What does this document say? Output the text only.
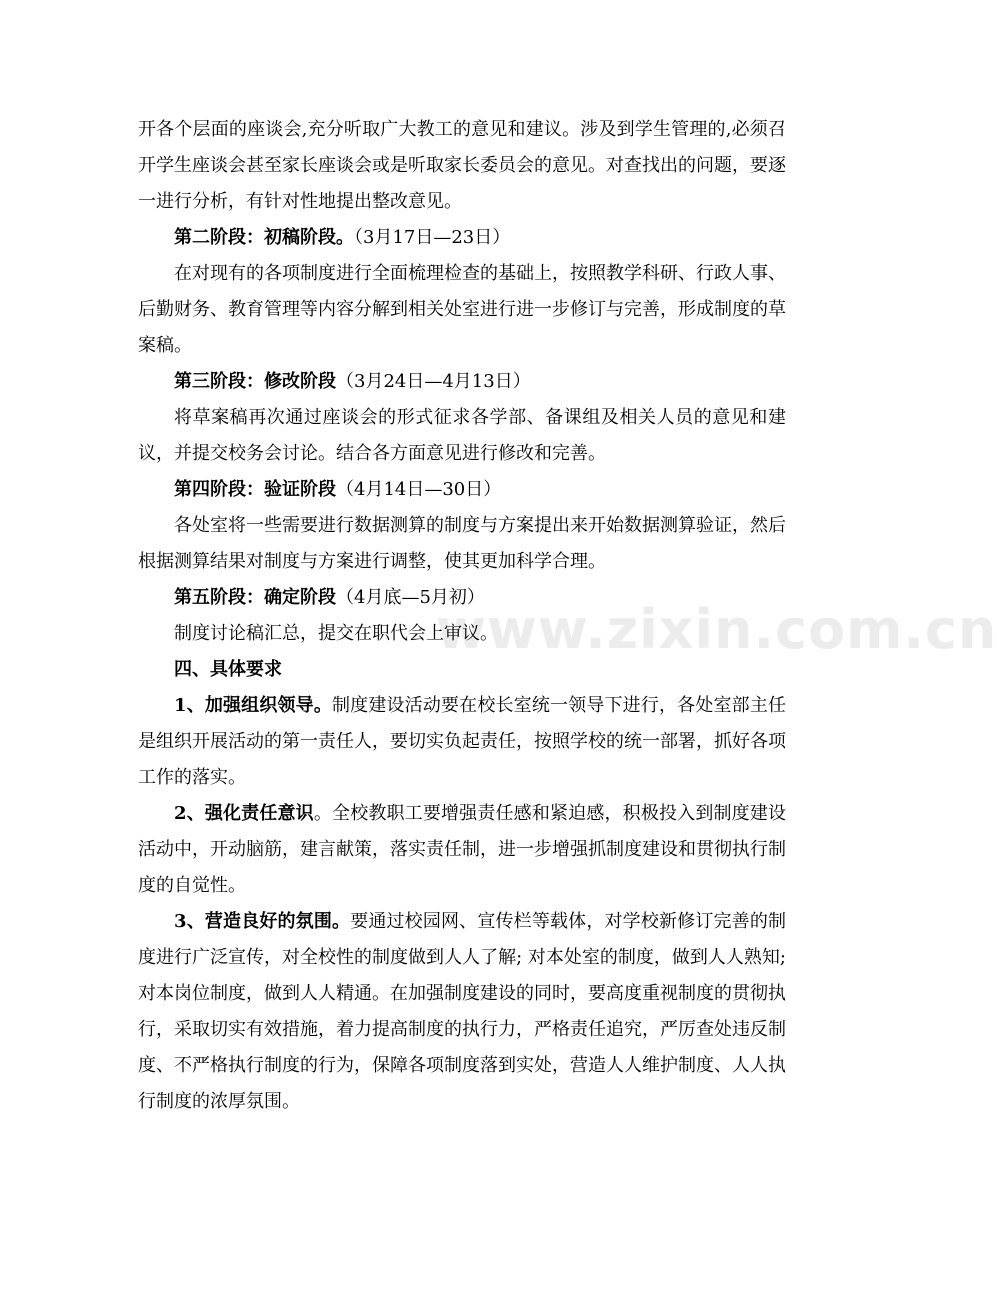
www.zixin.com.cn

开各个层面的座谈会,充分听取广大教工的意见和建议。涉及到学生管理的,必须召开学生座谈会甚至家长座谈会或是听取家长委员会的意见。对查找出的问题，要逐一进行分析，有针对性地提出整改意见。

第二阶段：初稿阶段。（3月17日—23日）

在对现有的各项制度进行全面梳理检查的基础上，按照教学科研、行政人事、后勤财务、教育管理等内容分解到相关处室进行进一步修订与完善，形成制度的草案稿。

第三阶段：修改阶段（3月24日—4月13日）

将草案稿再次通过座谈会的形式征求各学部、备课组及相关人员的意见和建议，并提交校务会讨论。结合各方面意见进行修改和完善。

第四阶段：验证阶段（4月14日—30日）

各处室将一些需要进行数据测算的制度与方案提出来开始数据测算验证，然后根据测算结果对制度与方案进行调整，使其更加科学合理。

第五阶段：确定阶段（4月底—5月初）

制度讨论稿汇总，提交在职代会上审议。

四、具体要求

1、加强组织领导。制度建设活动要在校长室统一领导下进行，各处室部主任是组织开展活动的第一责任人，要切实负起责任，按照学校的统一部署，抓好各项工作的落实。

2、强化责任意识。全校教职工要增强责任感和紧迫感，积极投入到制度建设活动中，开动脑筋，建言献策，落实责任制，进一步增强抓制度建设和贯彻执行制度的自觉性。

3、营造良好的氛围。要通过校园网、宣传栏等载体，对学校新修订完善的制度进行广泛宣传，对全校性的制度做到人人了解; 对本处室的制度，做到人人熟知; 对本岗位制度，做到人人精通。在加强制度建设的同时，要高度重视制度的贯彻执行，采取切实有效措施，着力提高制度的执行力，严格责任追究，严厉查处违反制度、不严格执行制度的行为，保障各项制度落到实处，营造人人维护制度、人人执行制度的浓厚氛围。
